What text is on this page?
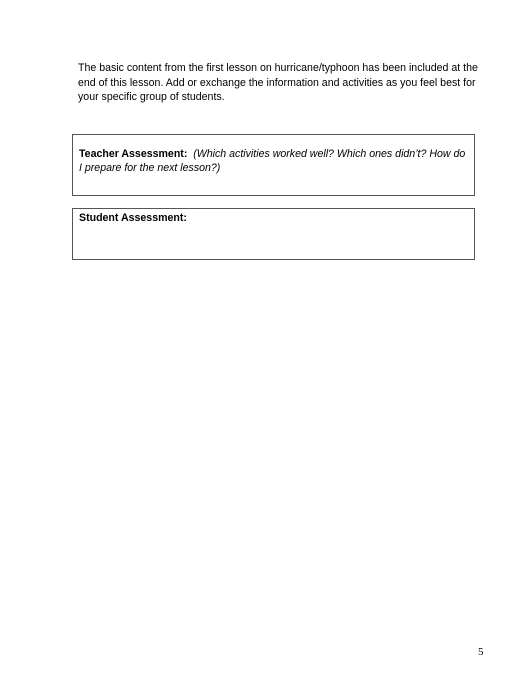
The basic content from the first lesson on hurricane/typhoon has been included at the
end of this lesson. Add or exchange the information and activities as you feel best for
your specific group of students.

Teacher Assessment: (Which activities worked well? Which ones didn’t? How do I prepare for the next lesson?)

Student Assessment:

5
